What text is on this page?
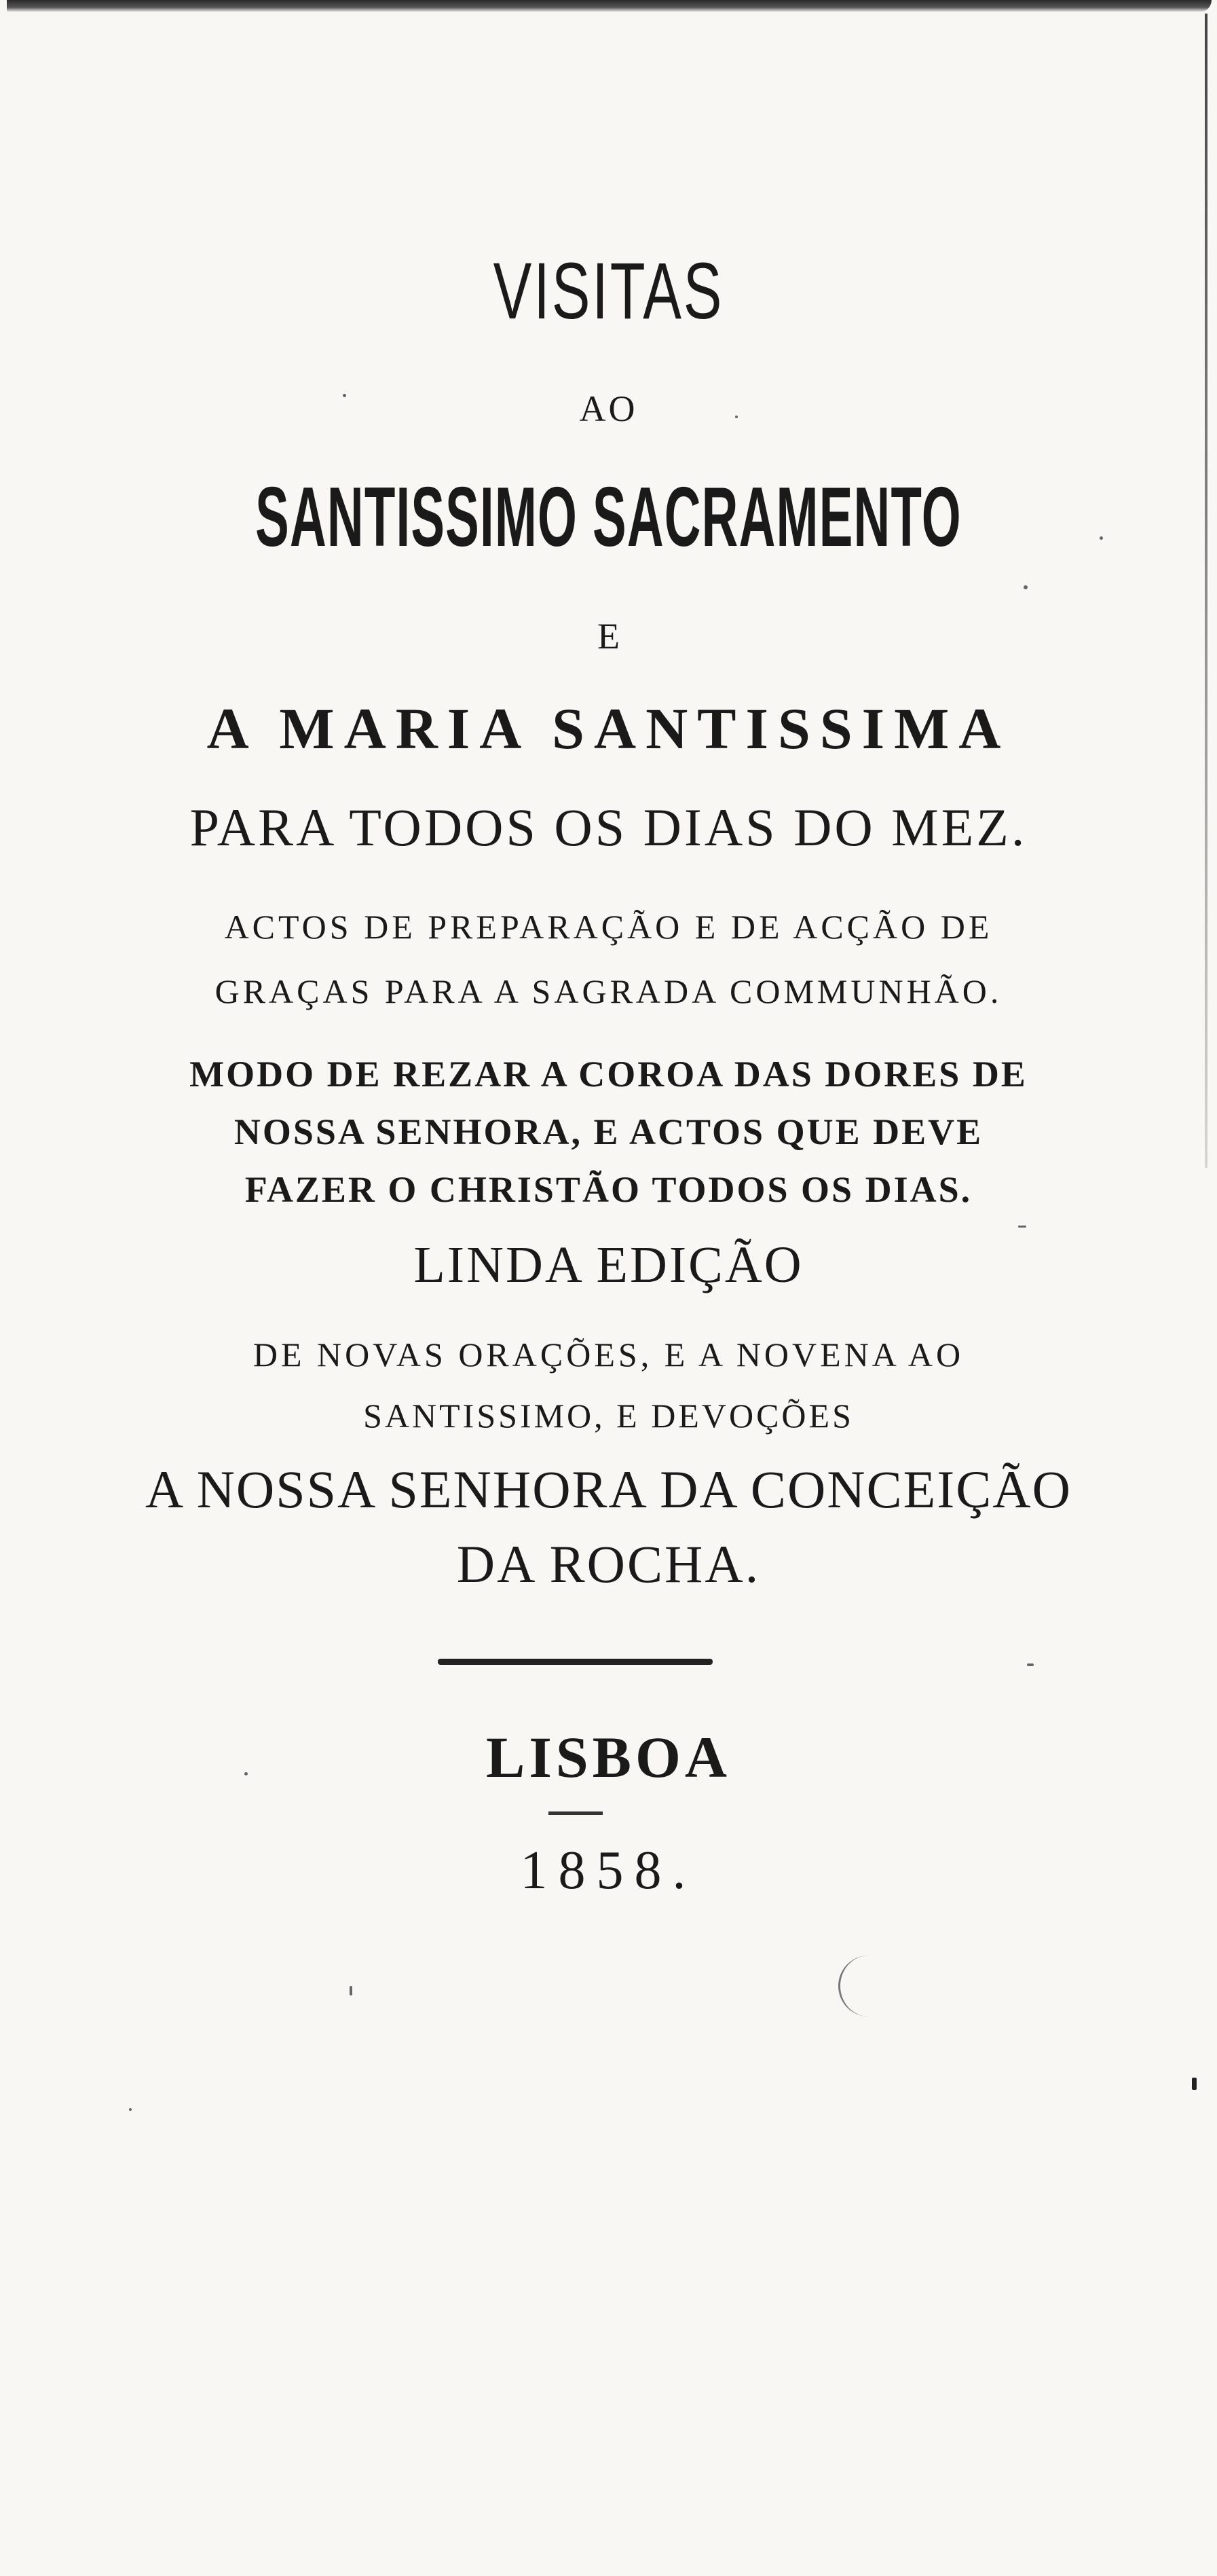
VISITAS
AO
SANTISSIMO SACRAMENTO
E
A MARIA SANTISSIMA
PARA TODOS OS DIAS DO MEZ.
ACTOS DE PREPARAÇÃO E DE ACÇÃO DE
GRAÇAS PARA A SAGRADA COMMUNHÃO.
MODO DE REZAR A COROA DAS DORES DE
NOSSA SENHORA, E ACTOS QUE DEVE
FAZER O CHRISTÃO TODOS OS DIAS.
LINDA EDIÇÃO
DE NOVAS ORAÇÕES, E A NOVENA AO
SANTISSIMO, E DEVOÇÕES
A NOSSA SENHORA DA CONCEIÇÃO
DA ROCHA.
LISBOA
1858.
